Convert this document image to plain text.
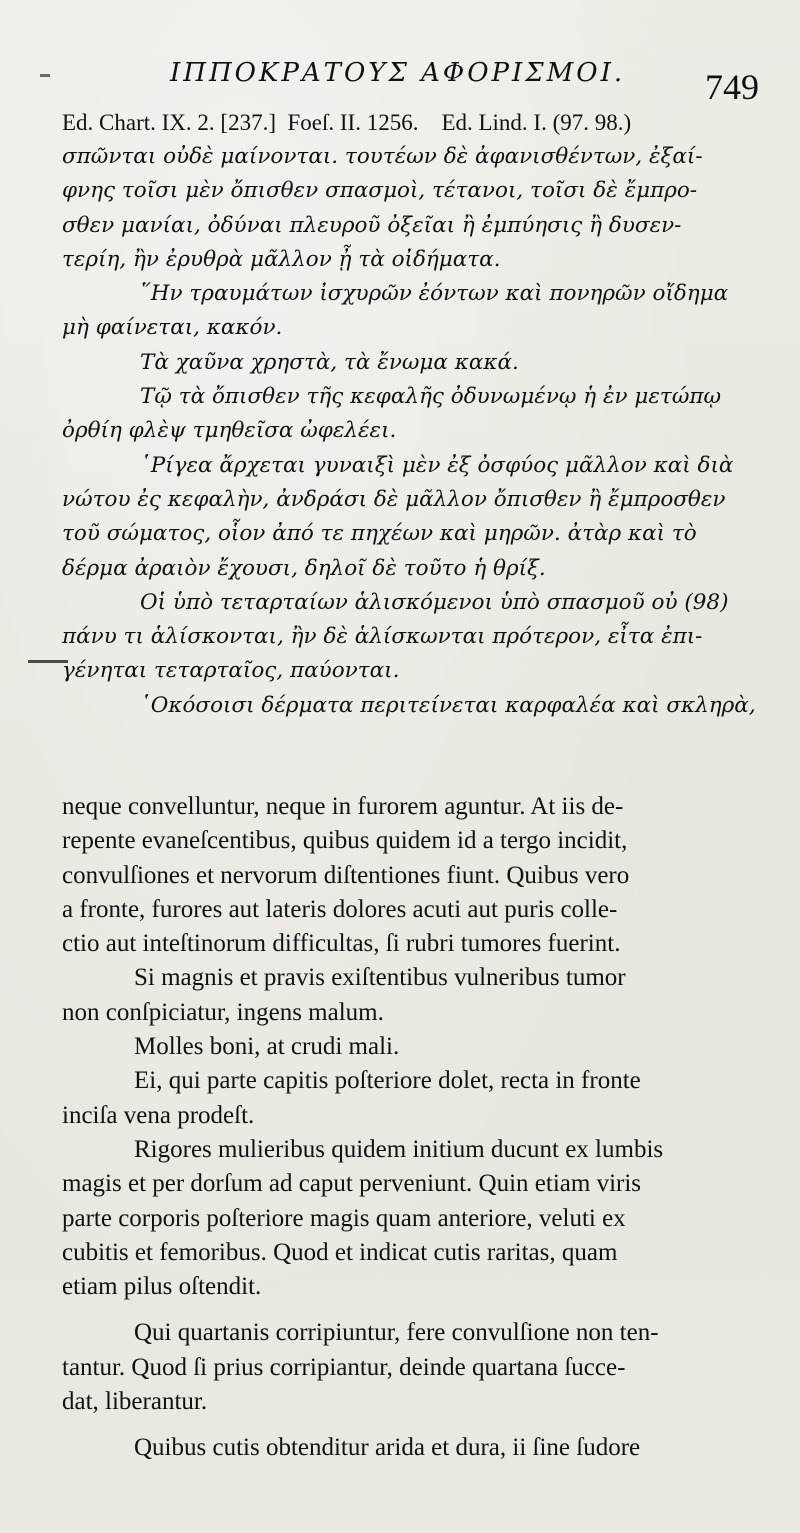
ΙΠΠΟΚΡΑΤΟΥΣ ΑΦΟΡΙΣΜΟΙ. 749
Ed. Chart. IX. 2. [237.]  Foeſ. II. 1256.    Ed. Lind. I. (97. 98.)
σπῶνται οὐδὲ μαίνονται. τουτέων δὲ ἀφανισθέντων, ἐξαί-
φνης τοῖσι μὲν ὄπισθεν σπασμοὶ, τέτανοι, τοῖσι δὲ ἔμπρο-
σθεν μανίαι, ὀδύναι πλευροῦ ὀξεῖαι ἢ ἐμπύησις ἢ δυσεν-
τερίη, ἢν ἐρυθρὰ μᾶλλον ᾖ τὰ οἰδήματα.
῞Ην τραυμάτων ἰσχυρῶν ἐόντων καὶ πονηρῶν οἴδημα
μὴ φαίνεται, κακόν.
Τὰ χαῦνα χρηστὰ, τὰ ἔνωμα κακά.
Τῷ τὰ ὄπισθεν τῆς κεφαλῆς ὀδυνωμένῳ ἡ ἐν μετώπῳ
ὀρθίη φλὲψ τμηθεῖσα ὠφελέει.
῾Ρίγεα ἄρχεται γυναιξὶ μὲν ἐξ ὀσφύος μᾶλλον καὶ διὰ
νώτου ἐς κεφαλὴν, ἀνδράσι δὲ μᾶλλον ὄπισθεν ἢ ἔμπροσθεν
τοῦ σώματος, οἷον ἀπό τε πηχέων καὶ μηρῶν. ἀτὰρ καὶ τὸ
δέρμα ἀραιὸν ἔχουσι, δηλοῖ δὲ τοῦτο ἡ θρίξ.
Οἱ ὑπὸ τεταρταίων ἁλισκόμενοι ὑπὸ σπασμοῦ οὐ (98)
πάνυ τι ἁλίσκονται, ἢν δὲ ἁλίσκωνται πρότερον, εἶτα ἐπι-
γένηται τεταρταῖος, παύονται.
῾Οκόσοισι δέρματα περιτείνεται καρφαλέα καὶ σκληρὰ,
neque convelluntur, neque in furorem aguntur. At iis de-
repente evaneſcentibus, quibus quidem id a tergo incidit,
convulſiones et nervorum diſtentiones fiunt. Quibus vero
a fronte, furores aut lateris dolores acuti aut puris colle-
ctio aut inteſtinorum difficultas, ſi rubri tumores fuerint.
Si magnis et pravis exiſtentibus vulneribus tumor
non conſpiciatur, ingens malum.
Molles boni, at crudi mali.
Ei, qui parte capitis poſteriore dolet, recta in fronte
inciſa vena prodeſt.
Rigores mulieribus quidem initium ducunt ex lumbis
magis et per dorſum ad caput perveniunt. Quin etiam viris
parte corporis poſteriore magis quam anteriore, veluti ex
cubitis et femoribus. Quod et indicat cutis raritas, quam
etiam pilus oſtendit.
Qui quartanis corripiuntur, fere convulſione non ten-
tantur. Quod ſi prius corripiantur, deinde quartana ſucce-
dat, liberantur.
Quibus cutis obtenditur arida et dura, ii ſine ſudore
